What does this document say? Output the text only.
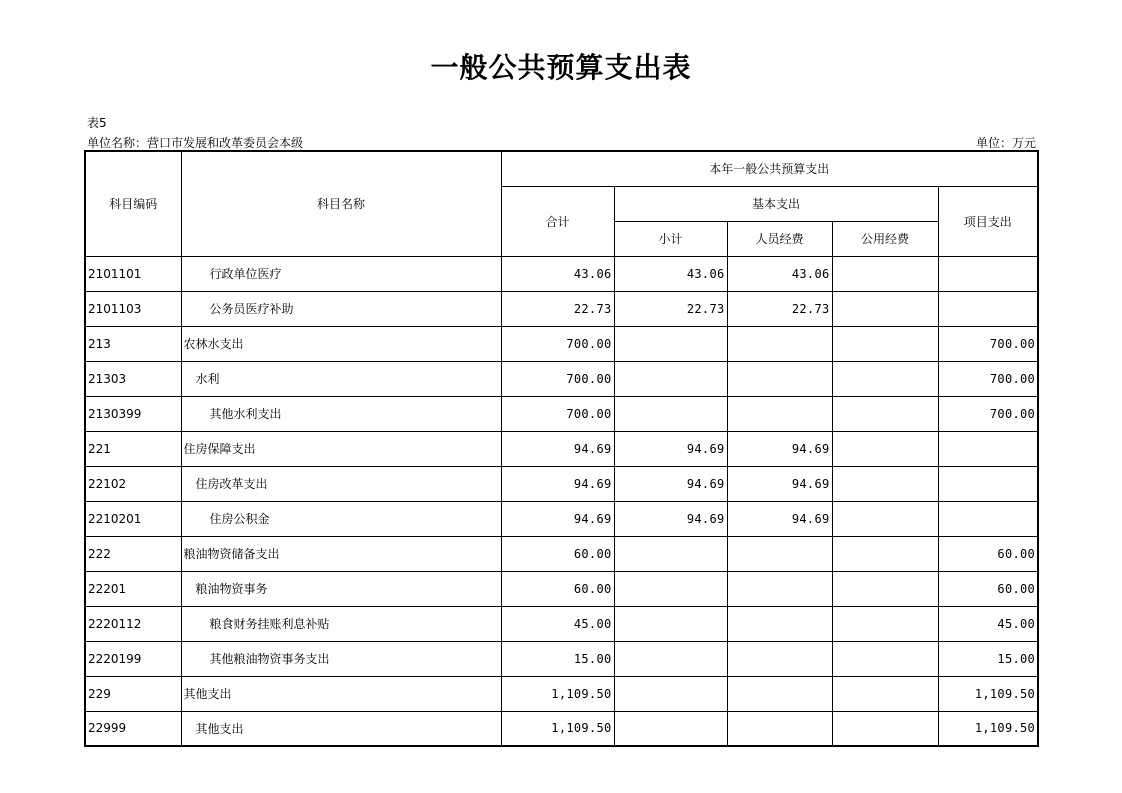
一般公共预算支出表
表5
单位名称：营口市发展和改革委员会本级	单位：万元
科目编码	科目名称	本年一般公共预算支出				
		合计	基本支出			项目支出
			小计	人员经费	公用经费	
2101101	行政单位医疗	43.06	43.06	43.06		
2101103	公务员医疗补助	22.73	22.73	22.73		
213	农林水支出	700.00				700.00
21303	水利	700.00				700.00
2130399	其他水利支出	700.00				700.00
221	住房保障支出	94.69	94.69	94.69		
22102	住房改革支出	94.69	94.69	94.69		
2210201	住房公积金	94.69	94.69	94.69		
222	粮油物资储备支出	60.00				60.00
22201	粮油物资事务	60.00				60.00
2220112	粮食财务挂账利息补贴	45.00				45.00
2220199	其他粮油物资事务支出	15.00				15.00
229	其他支出	1,109.50				1,109.50
22999	其他支出	1,109.50				1,109.50
